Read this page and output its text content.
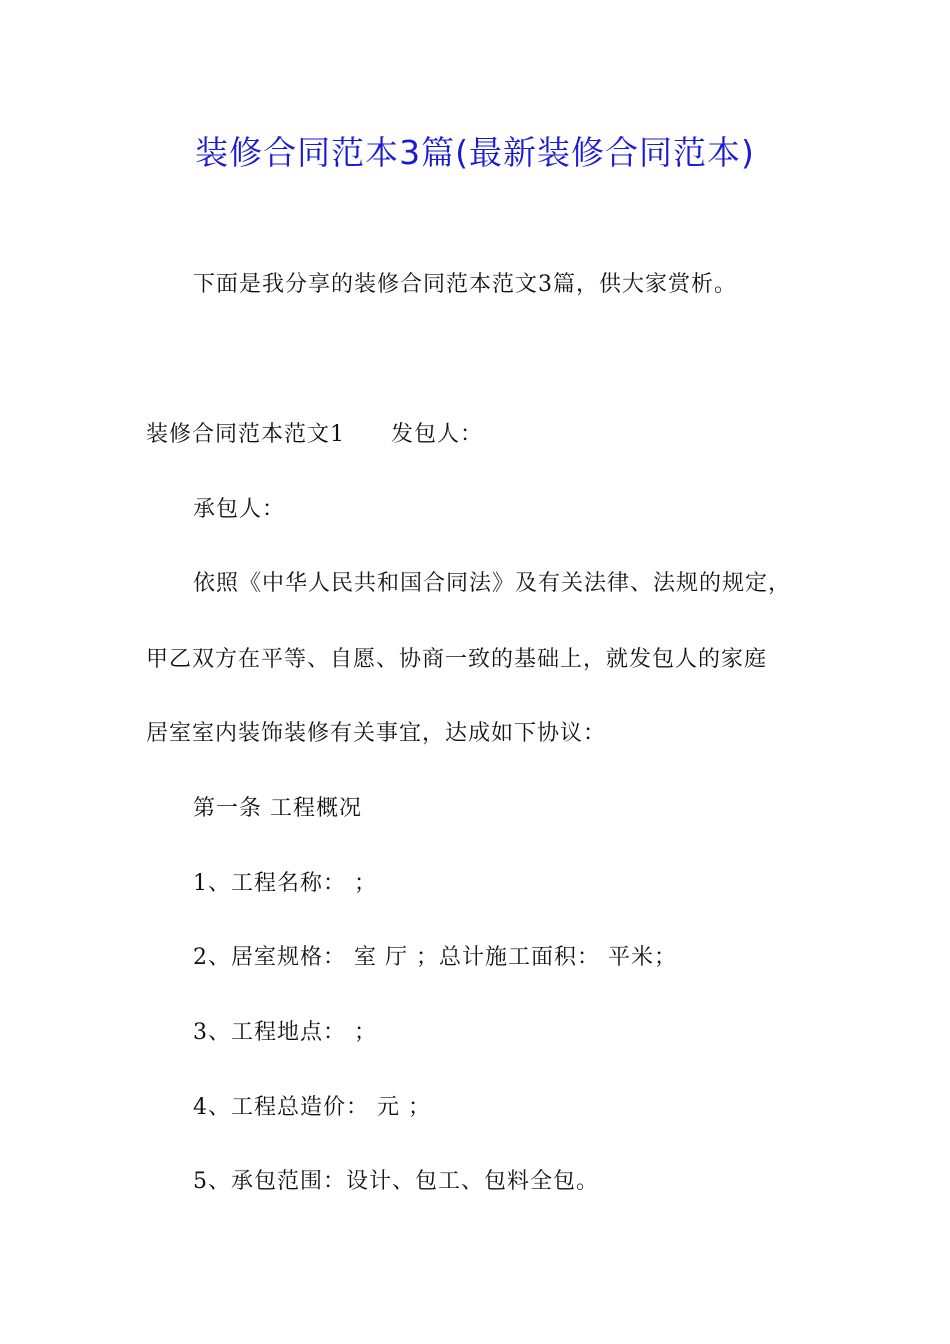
装修合同范本3篇(最新装修合同范本)
下面是我分享的装修合同范本范文3篇，供大家赏析。
装修合同范本范文1 发包人：
承包人：
依照《中华人民共和国合同法》及有关法律、法规的规定，
甲乙双方在平等、自愿、协商一致的基础上，就发包人的家庭
居室室内装饰装修有关事宜，达成如下协议：
第一条 工程概况
1、工程名称： ；
2、居室规格： 室 厅 ；总计施工面积： 平米；
3、工程地点： ；
4、工程总造价： 元 ；
5、承包范围：设计、包工、包料全包。
